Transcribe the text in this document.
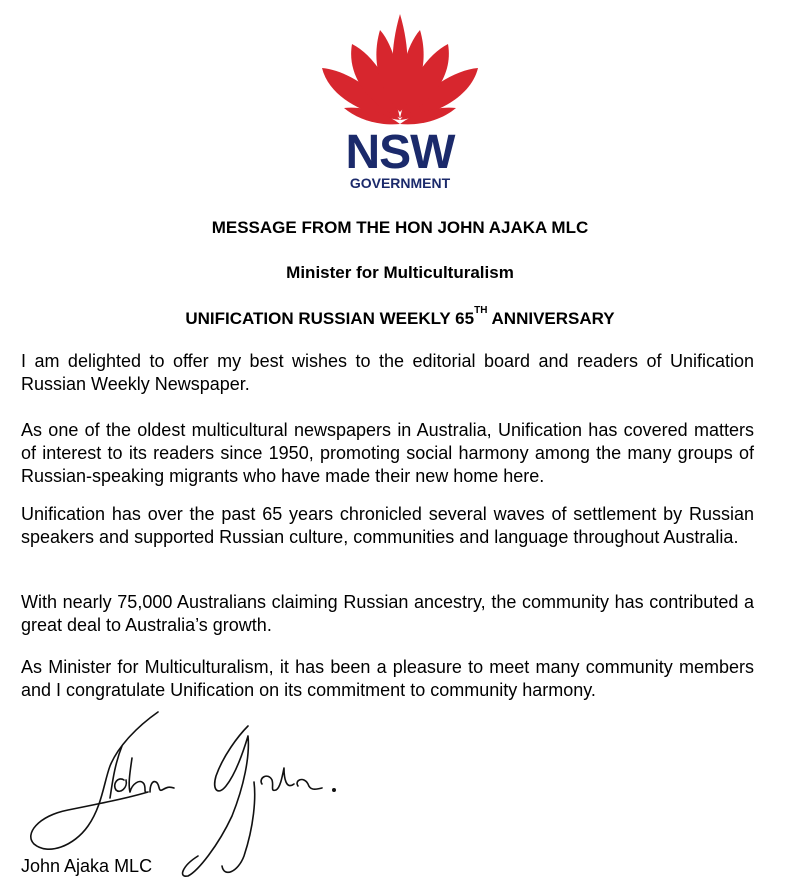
NSW
GOVERNMENT
MESSAGE FROM THE HON JOHN AJAKA MLC
Minister for Multiculturalism
UNIFICATION RUSSIAN WEEKLY 65TH ANNIVERSARY
I am delighted to offer my best wishes to the editorial board and readers of Unification Russian Weekly Newspaper.
As one of the oldest multicultural newspapers in Australia, Unification has covered matters of interest to its readers since 1950, promoting social harmony among the many groups of Russian-speaking migrants who have made their new home here.
Unification has over the past 65 years chronicled several waves of settlement by Russian speakers and supported Russian culture, communities and language throughout Australia.
With nearly 75,000 Australians claiming Russian ancestry, the community has contributed a great deal to Australia’s growth.
As Minister for Multiculturalism, it has been a pleasure to meet many community members and I congratulate Unification on its commitment to community harmony.
John Ajaka MLC
